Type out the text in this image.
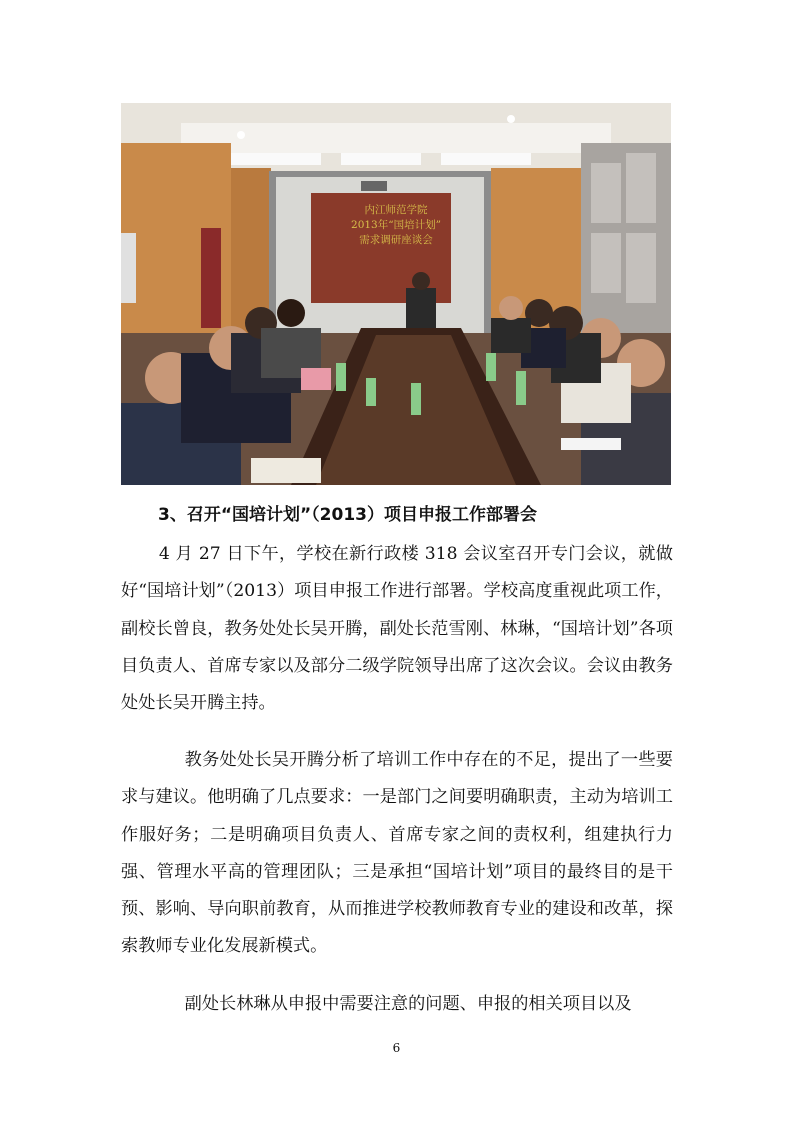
内江师范学院
2013年“国培计划”
需求调研座谈会
3、召开“国培计划”（2013）项目申报工作部署会

4 月 27 日下午，学校在新行政楼 318 会议室召开专门会议，就做好“国培计划”（2013）项目申报工作进行部署。学校高度重视此项工作，副校长曾良，教务处处长吴开腾，副处长范雪刚、林琳，“国培计划”各项目负责人、首席专家以及部分二级学院领导出席了这次会议。会议由教务处处长吴开腾主持。

教务处处长吴开腾分析了培训工作中存在的不足，提出了一些要求与建议。他明确了几点要求：一是部门之间要明确职责，主动为培训工作服好务；二是明确项目负责人、首席专家之间的责权利，组建执行力强、管理水平高的管理团队；三是承担“国培计划”项目的最终目的是干预、影响、导向职前教育，从而推进学校教师教育专业的建设和改革，探索教师专业化发展新模式。

副处长林琳从申报中需要注意的问题、申报的相关项目以及

6
